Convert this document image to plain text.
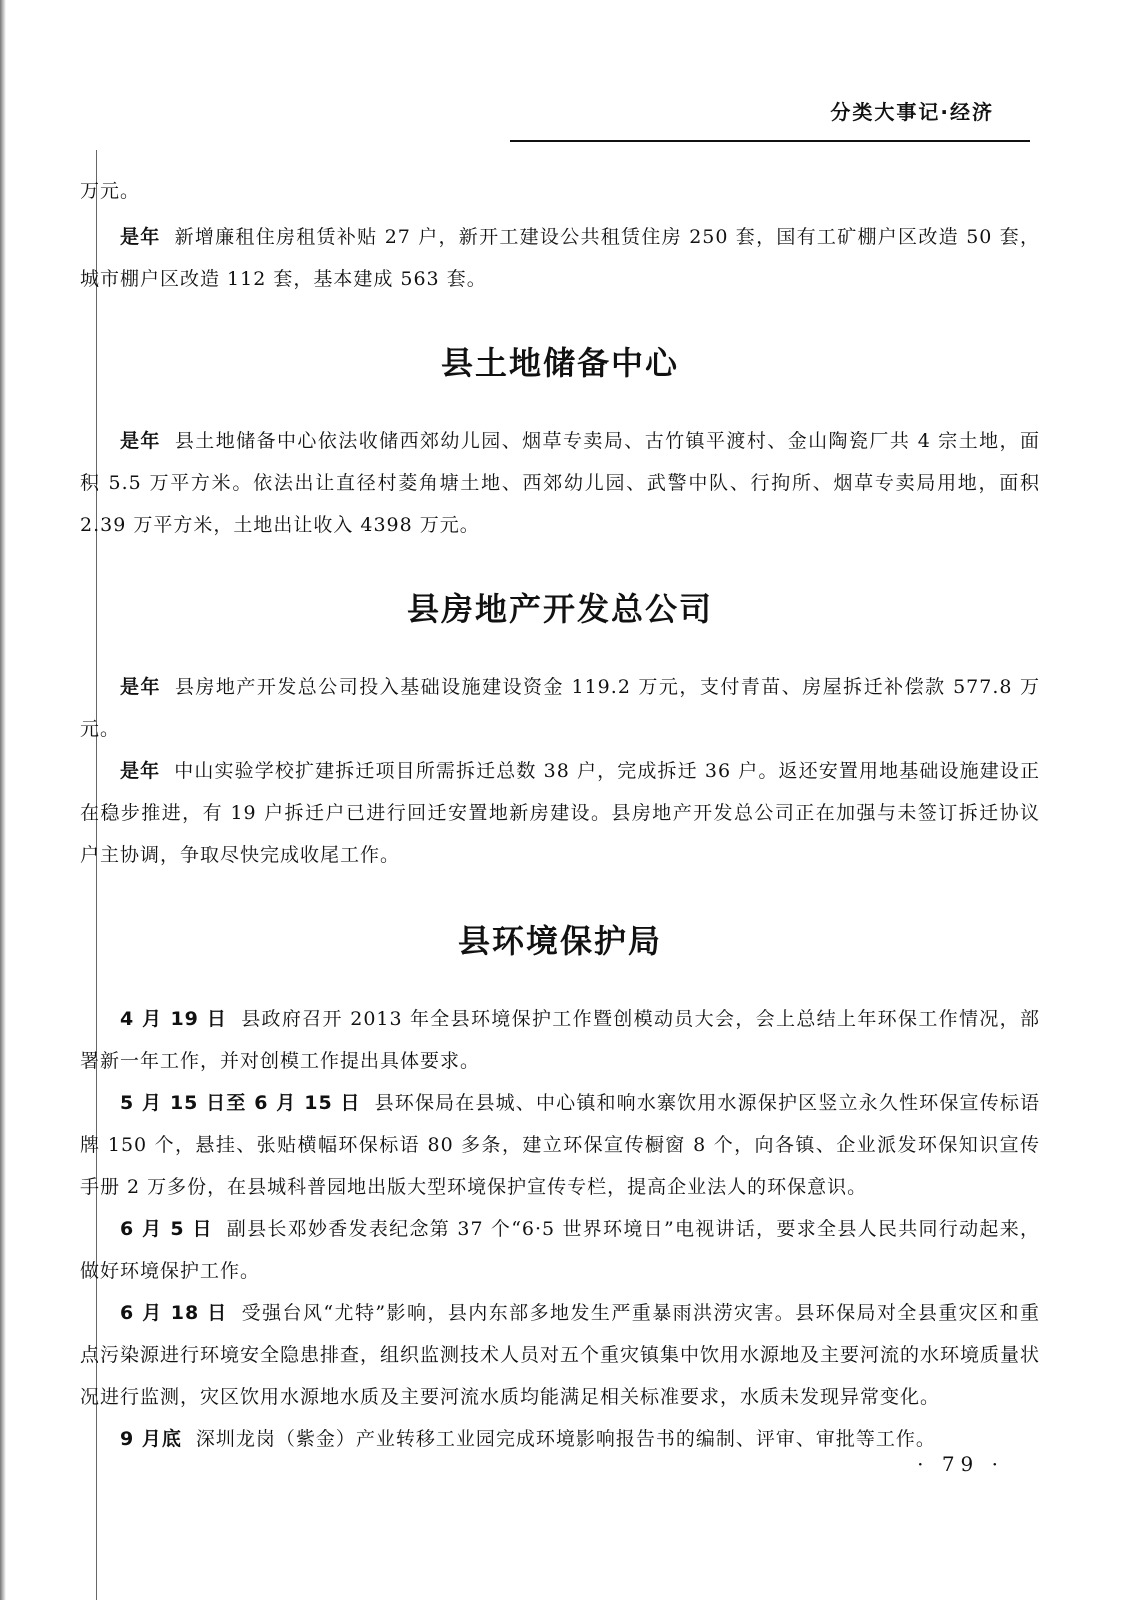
分类大事记·经济

万元。

是年 新增廉租住房租赁补贴 27 户，新开工建设公共租赁住房 250 套，国有工矿棚户区改造 50 套，城市棚户区改造 112 套，基本建成 563 套。

县土地储备中心

是年 县土地储备中心依法收储西郊幼儿园、烟草专卖局、古竹镇平渡村、金山陶瓷厂共 4 宗土地，面积 5.5 万平方米。依法出让直径村菱角塘土地、西郊幼儿园、武警中队、行拘所、烟草专卖局用地，面积 2.39 万平方米，土地出让收入 4398 万元。

县房地产开发总公司

是年 县房地产开发总公司投入基础设施建设资金 119.2 万元，支付青苗、房屋拆迁补偿款 577.8 万元。

是年 中山实验学校扩建拆迁项目所需拆迁总数 38 户，完成拆迁 36 户。返还安置用地基础设施建设正在稳步推进，有 19 户拆迁户已进行回迁安置地新房建设。县房地产开发总公司正在加强与未签订拆迁协议户主协调，争取尽快完成收尾工作。

县环境保护局

4 月 19 日 县政府召开 2013 年全县环境保护工作暨创模动员大会，会上总结上年环保工作情况，部署新一年工作，并对创模工作提出具体要求。

5 月 15 日至 6 月 15 日 县环保局在县城、中心镇和响水寨饮用水源保护区竖立永久性环保宣传标语牌 150 个，悬挂、张贴横幅环保标语 80 多条，建立环保宣传橱窗 8 个，向各镇、企业派发环保知识宣传手册 2 万多份，在县城科普园地出版大型环境保护宣传专栏，提高企业法人的环保意识。

6 月 5 日 副县长邓妙香发表纪念第 37 个“6·5 世界环境日”电视讲话，要求全县人民共同行动起来，做好环境保护工作。

6 月 18 日 受强台风“尤特”影响，县内东部多地发生严重暴雨洪涝灾害。县环保局对全县重灾区和重点污染源进行环境安全隐患排查，组织监测技术人员对五个重灾镇集中饮用水源地及主要河流的水环境质量状况进行监测，灾区饮用水源地水质及主要河流水质均能满足相关标准要求，水质未发现异常变化。

9 月底 深圳龙岗（紫金）产业转移工业园完成环境影响报告书的编制、评审、审批等工作。

· 79 ·
